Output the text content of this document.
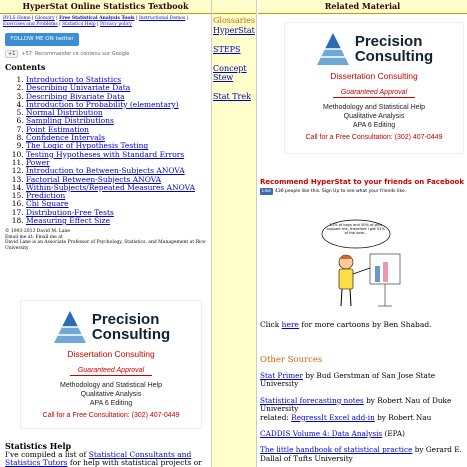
HyperStat Online Statistics Textbook
RVLS Home | Glossary | Free Statistical Analysis Tools | Instructional Demos | Exercises and Problems | Statistics Help | Privacy policy
FOLLOW ME ON twitter
+1	+57 Recommander ce contenu sur Google
Contents
1. Introduction to Statistics
2. Describing Univariate Data
3. Describing Bivariate Data
4. Introduction to Probability (elementary)
5. Normal Distribution
6. Sampling Distributions
7. Point Estimation
8. Confidence Intervals
9. The Logic of Hypothesis Testing
10. Testing Hypotheses with Standard Errors
11. Power
12. Introduction to Between-Subjects ANOVA
13. Factorial Between-Subjects ANOVA
14. Within-Subjects/Repeated Measures ANOVA
15. Prediction
16. Chi Square
17. Distribution-Free Tests
18. Measuring Effect Size
© 1993-2013 David M. Lane
Email me at: Email me at
David Lane is an Associate Professor of Psychology, Statistics, and Management at Rice University
Precision
Consulting
Dissertation Consulting
Guaranteed Approval
Methodology and Statistical Help
Qualitative Analysis
APA 6 Editing
Call for a Free Consultation: (302) 407-0449
Statistics Help
I've compiled a list of Statistical Consultants and Statistics Tutors for help with statistical projects or
Glossaries
HyperStat
STEPS
Concept Stew
Stat Trek
Related Material
Precision
Consulting
Dissertation Consulting
Guaranteed Approval
Methodology and Statistical Help
Qualitative Analysis
APA 6 Editing
Call for a Free Consultation: (302) 407-0449
Recommend HyperStat to your friends on Facebook
Like 436 people like this. Sign Up to see what your friends like.
21% of boys and 50% of girls support me, therefore I get 51% of the vote...
Click here for more cartoons by Ben Shabad.
Other Sources

Stat Primer by Bud Gerstman of San Jose State University

Statistical forecasting notes by Robert Nau of Duke University

related: RegressIt Excel add-in by Robert Nau

CADDIS Volume 4: Data Analysis (EPA)

The little handbook of statistical practice by Gerard E. Dallal of Tufts University
